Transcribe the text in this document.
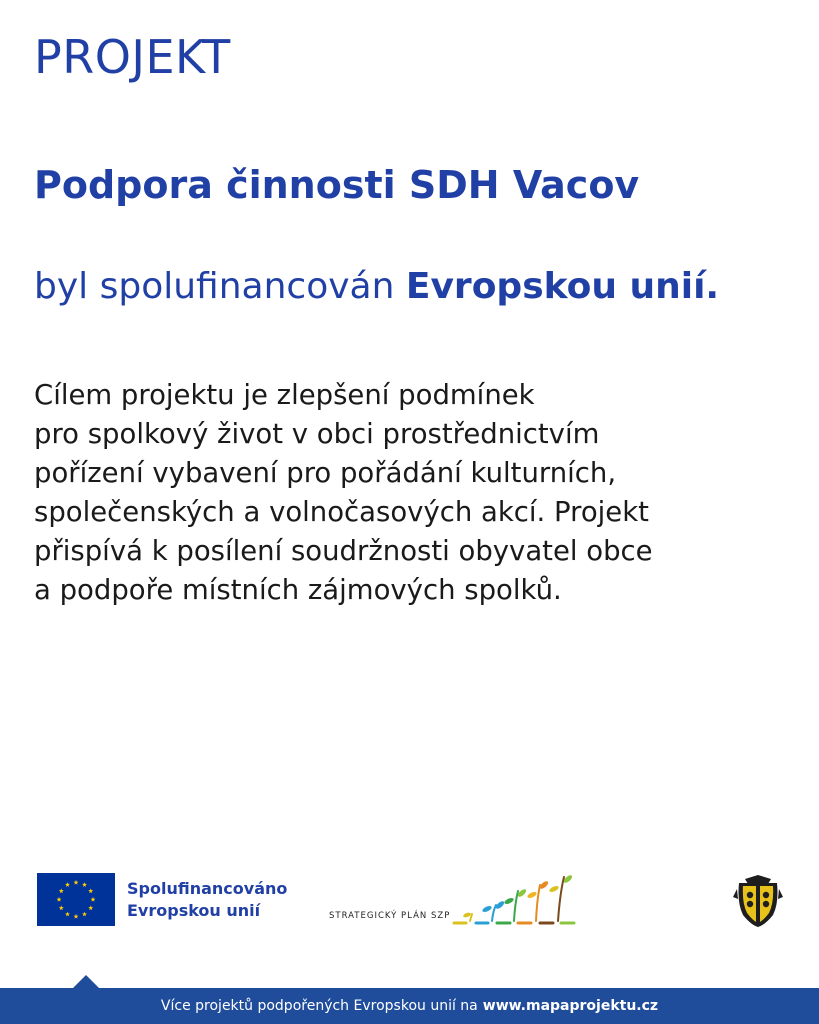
PROJEKT
Podpora činnosti SDH Vacov

byl spolufinancován Evropskou unií.

Cílem projektu je zlepšení podmínek
pro spolkový život v obci prostřednictvím
pořízení vybavení pro pořádání kulturních,
společenských a volnočasových akcí. Projekt
přispívá k posílení soudržnosti obyvatel obce
a podpoře místních zájmových spolků.
Spolufinancováno
Evropskou unií	STRATEGICKÝ PLÁN SZP
Více projektů podpořených Evropskou unií na www.mapaprojektu.cz
